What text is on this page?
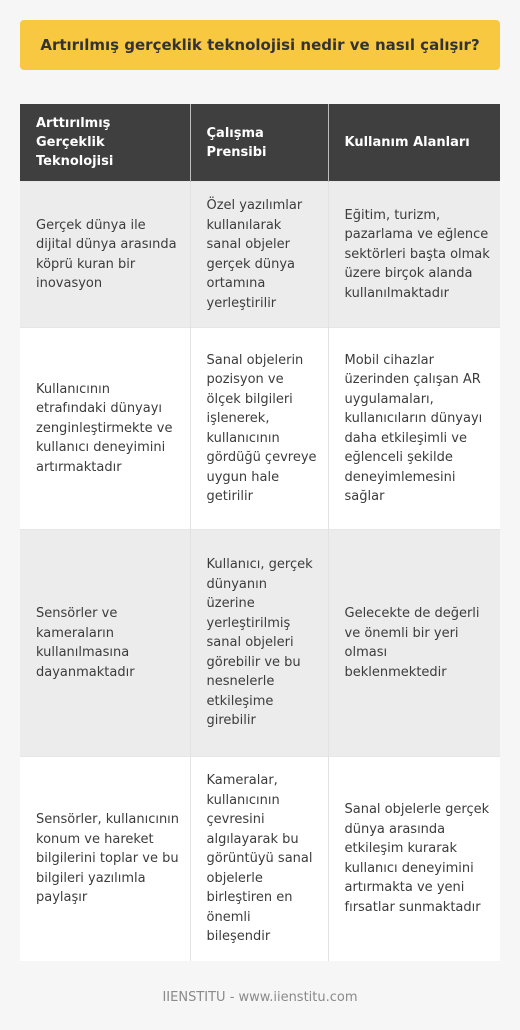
Artırılmış gerçeklik teknolojisi nedir ve nasıl çalışır?
Arttırılmış Gerçeklik Teknolojisi	Çalışma Prensibi	Kullanım Alanları
Gerçek dünya ile dijital dünya arasında köprü kuran bir inovasyon	Özel yazılımlar kullanılarak sanal objeler gerçek dünya ortamına yerleştirilir	Eğitim, turizm, pazarlama ve eğlence sektörleri başta olmak üzere birçok alanda kullanılmaktadır
Kullanıcının etrafındaki dünyayı zenginleştirmekte ve kullanıcı deneyimini artırmaktadır	Sanal objelerin pozisyon ve ölçek bilgileri işlenerek, kullanıcının gördüğü çevreye uygun hale getirilir	Mobil cihazlar üzerinden çalışan AR uygulamaları, kullanıcıların dünyayı daha etkileşimli ve eğlenceli şekilde deneyimlemesini sağlar
Sensörler ve kameraların kullanılmasına dayanmaktadır	Kullanıcı, gerçek dünyanın üzerine yerleştirilmiş sanal objeleri görebilir ve bu nesnelerle etkileşime girebilir	Gelecekte de değerli ve önemli bir yeri olması beklenmektedir
Sensörler, kullanıcının konum ve hareket bilgilerini toplar ve bu bilgileri yazılımla paylaşır	Kameralar, kullanıcının çevresini algılayarak bu görüntüyü sanal objelerle birleştiren en önemli bileşendir	Sanal objelerle gerçek dünya arasında etkileşim kurarak kullanıcı deneyimini artırmakta ve yeni fırsatlar sunmaktadır
IIENSTITU - www.iienstitu.com
